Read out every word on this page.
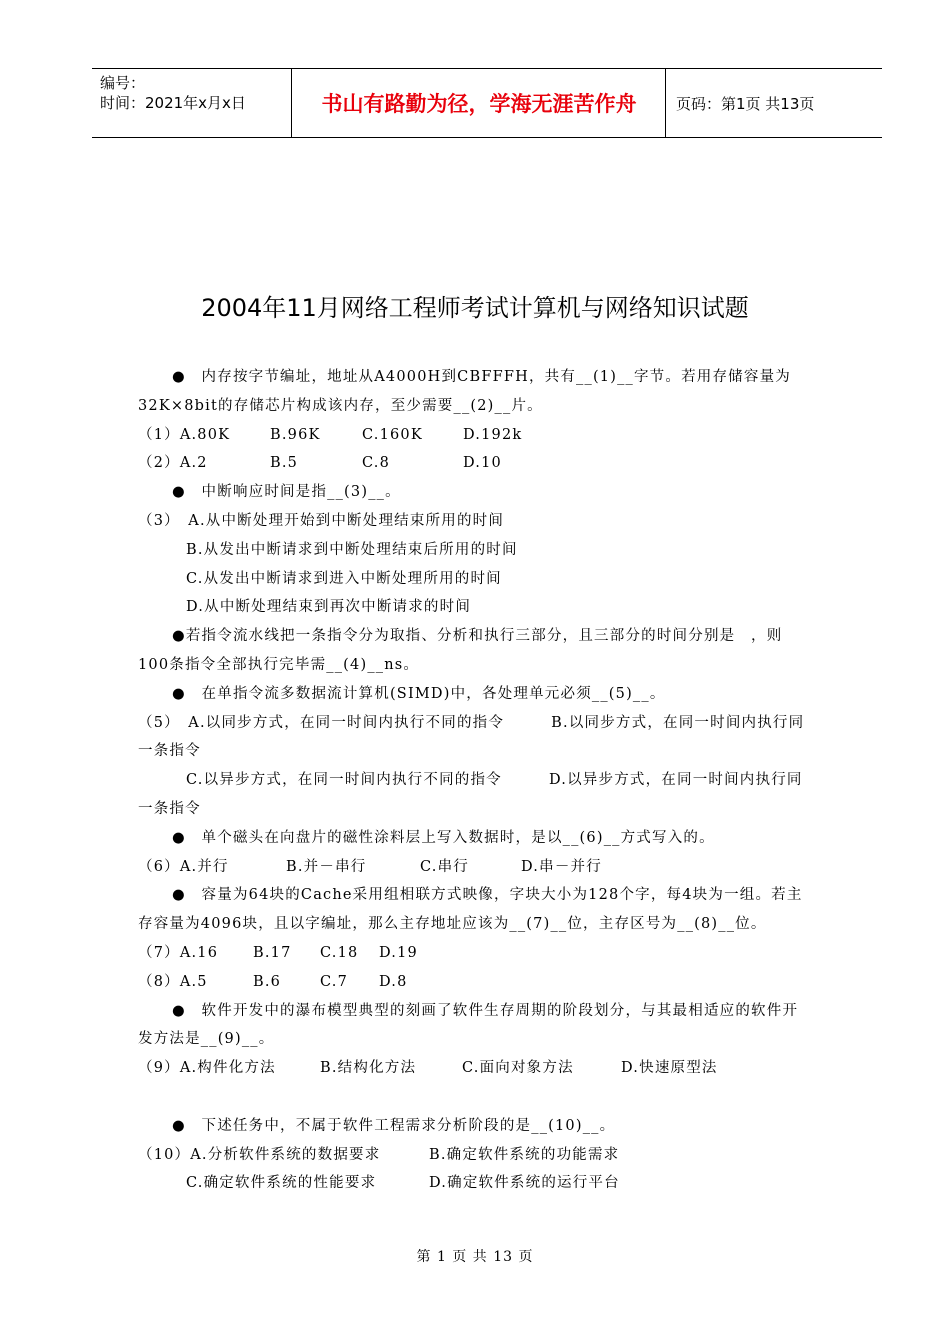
编号：
时间：2021年x月x日	书山有路勤为径，学海无涯苦作舟	页码：第1页 共13页
2004年11月网络工程师考试计算机与网络知识试题
●　内存按字节编址，地址从A4000H到CBFFFH，共有__(1)__字节。若用存储容量为
32K×8bit的存储芯片构成该内存，至少需要__(2)__片。
（1）A.80K	B.96K	C.160K	D.192k
（2）A.2	B.5	C.8	D.10
●　中断响应时间是指__(3)__。
（3）　A.从中断处理开始到中断处理结束所用的时间
B.从发出中断请求到中断处理结束后所用的时间
C.从发出中断请求到进入中断处理所用的时间
D.从中断处理结束到再次中断请求的时间
●若指令流水线把一条指令分为取指、分析和执行三部分，且三部分的时间分别是　，则
100条指令全部执行完毕需__(4)__ns。
●　在单指令流多数据流计算机(SIMD)中，各处理单元必须__(5)__。
（5）　A.以同步方式，在同一时间内执行不同的指令　　　B.以同步方式，在同一时间内执行同
一条指令
C.以异步方式，在同一时间内执行不同的指令　　　D.以异步方式，在同一时间内执行同
一条指令
●　单个磁头在向盘片的磁性涂料层上写入数据时，是以__(6)__方式写入的。
（6）A.并行	B.并－串行	C.串行	D.串－并行
●　容量为64块的Cache采用组相联方式映像，字块大小为128个字，每4块为一组。若主
存容量为4096块，且以字编址，那么主存地址应该为__(7)__位，主存区号为__(8)__位。
（7）A.16 B.17 C.18 D.19
（8）A.5	B.6	C.7 D.8
●　软件开发中的瀑布模型典型的刻画了软件生存周期的阶段划分，与其最相适应的软件开
发方法是__(9)__。
（9）A.构件化方法	B.结构化方法	C.面向对象方法	D.快速原型法
●　下述任务中，不属于软件工程需求分析阶段的是__(10)__。
（10）A.分析软件系统的数据要求	B.确定软件系统的功能需求
C.确定软件系统的性能要求	D.确定软件系统的运行平台
第 1 页 共 13 页
